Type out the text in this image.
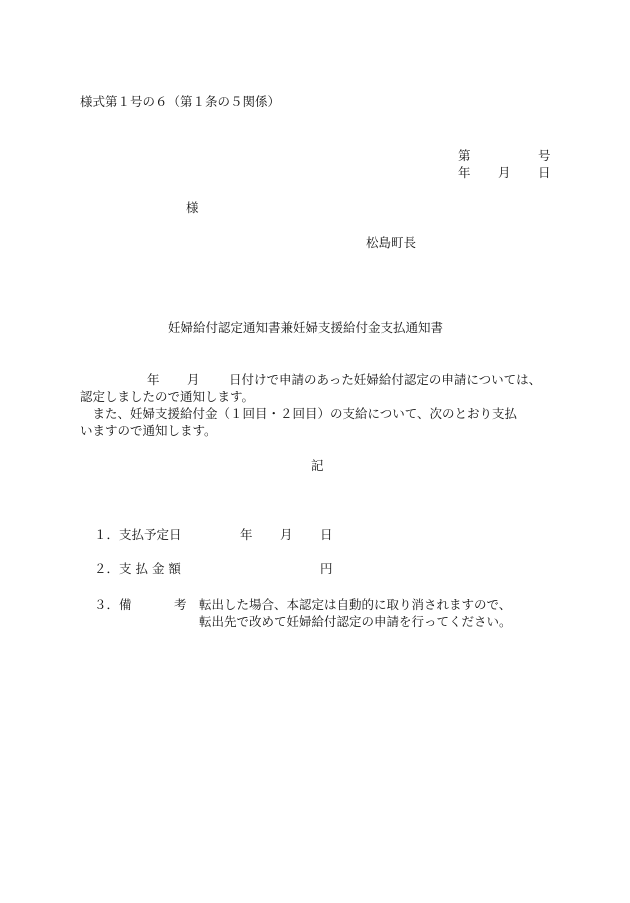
様式第１号の６（第１条の５関係）
第	号
年 月 日
様
松島町長
妊婦給付認定通知書兼妊婦支援給付金支払通知書
年 月 日付けで申請のあった妊婦給付認定の申請については、
認定しましたので通知します。
　また、妊婦支援給付金（１回目・２回目）の支給について、次のとおり支払
いますので通知します。
記
１．支払予定日	年 月 日
２．支 払 金 額	円
３．備	考 転出した場合、本認定は自動的に取り消されますので、
転出先で改めて妊婦給付認定の申請を行ってください。
